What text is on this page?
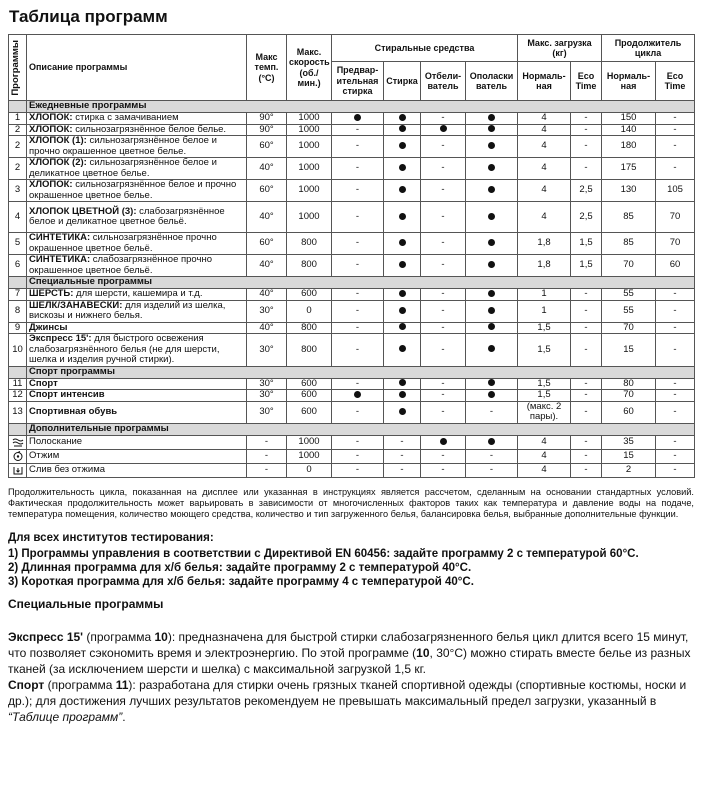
Таблица программ
Программы	Описание программы	Макс темп. (°С)	Макс. скорость (об./ мин.)	Стиральные средства				Макс. загрузка (кг)		Продолжитель цикла	
				Предвар- ительная стирка	Стирка	Отбели- ватель	Ополаски ватель	Нормаль- ная	Eco Time	Нормаль- ная	Eco Time
	Ежедневные программы										
1	ХЛОПОК: стирка с замачиванием	90°	1000			-		4	-	150	-
2	ХЛОПОК: сильнозагрязнённое белое белье.	90°	1000	-				4	-	140	-
2	ХЛОПОК (1): сильнозагрязнённое белое и прочно окрашенное цветное белье.	60°	1000	-		-		4	-	180	-
2	ХЛОПОК (2): сильнозагрязнённое белое и деликатное цветное белье.	40°	1000	-		-		4	-	175	-
3	ХЛОПОК: сильнозагрязнённое белое и прочно окрашенное цветное белье.	60°	1000	-		-		4	2,5	130	105
4	ХЛОПОК ЦВЕТНОЙ (3): слабозагрязнённое белое и деликатное цветное бельё.	40°	1000	-		-		4	2,5	85	70
5	СИНТЕТИКА: сильнозагрязнённое прочно окрашенное цветное бельё.	60°	800	-		-		1,8	1,5	85	70
6	СИНТЕТИКА: слабозагрязнённое прочно окрашенное цветное бельё.	40°	800	-		-		1,8	1,5	70	60
	Специальные программы										
7	ШЕРСТЬ: для шерсти, кашемира и т.д.	40°	600	-		-		1	-	55	-
8	ШЕЛК/ЗАНАВЕСКИ: для изделий из шелка, вискозы и нижнего белья.	30°	0	-		-		1	-	55	-
9	Джинсы	40°	800	-		-		1,5	-	70	-
10	Экспресс 15': для быстрого освежения слабозагрязнённого белья (не для шерсти, шелка и изделия ручной стирки).	30°	800	-		-		1,5	-	15	-
	Спорт программы										
11	Спорт	30°	600	-		-		1,5	-	80	-
12	Спорт интенсив	30°	600			-		1,5	-	70	-
13	Спортивная обувь	30°	600	-		-	-	(макс. 2 пары).	-	60	-
	Дополнительные программы										

	Полоскание	-	1000	-	-			4	-	35	-

	Отжим	-	1000	-	-	-	-	4	-	15	-

	Слив без отжима	-	0	-	-	-	-	4	-	2	-
Продолжительность цикла, показанная на дисплее или указанная в инструкциях является рассчетом, сделанным на основании стандартных условий. Фактическая продолжительность может варьировать в зависимости от многочисленных факторов таких как температура и давление воды на подаче, температура помещения, количество моющего средства, количество и тип загруженного белья, балансировка белья, выбранные дополнительные функции.
Для всех институтов тестирования:
1) Программы управления в соответствии с Директивой EN 60456: задайте программу 2 с температурой 60°С.
2) Длинная программа для х/б белья: задайте программу 2 с температурой 40°С.
3) Короткая программа для х/б белья: задайте программу 4 с температурой 40°С.
Специальные программы

Экспресс 15' (программа 10): предназначена для быстрой стирки слабозагрязненного белья цикл длится всего 15 минут, что позволяет сэкономить время и электроэнергию. По этой программе (10, 30°С) можно стирать вместе белье из разных тканей (за исключением шерсти и шелка) с максимальной загрузкой 1,5 кг.

Спорт (программа 11): разработана для стирки очень грязных тканей спортивной одежды (спортивные костюмы, носки и др.); для достижения лучших результатов рекомендуем не превышать максимальный предел загрузки, указанный в “Таблице программ”.
